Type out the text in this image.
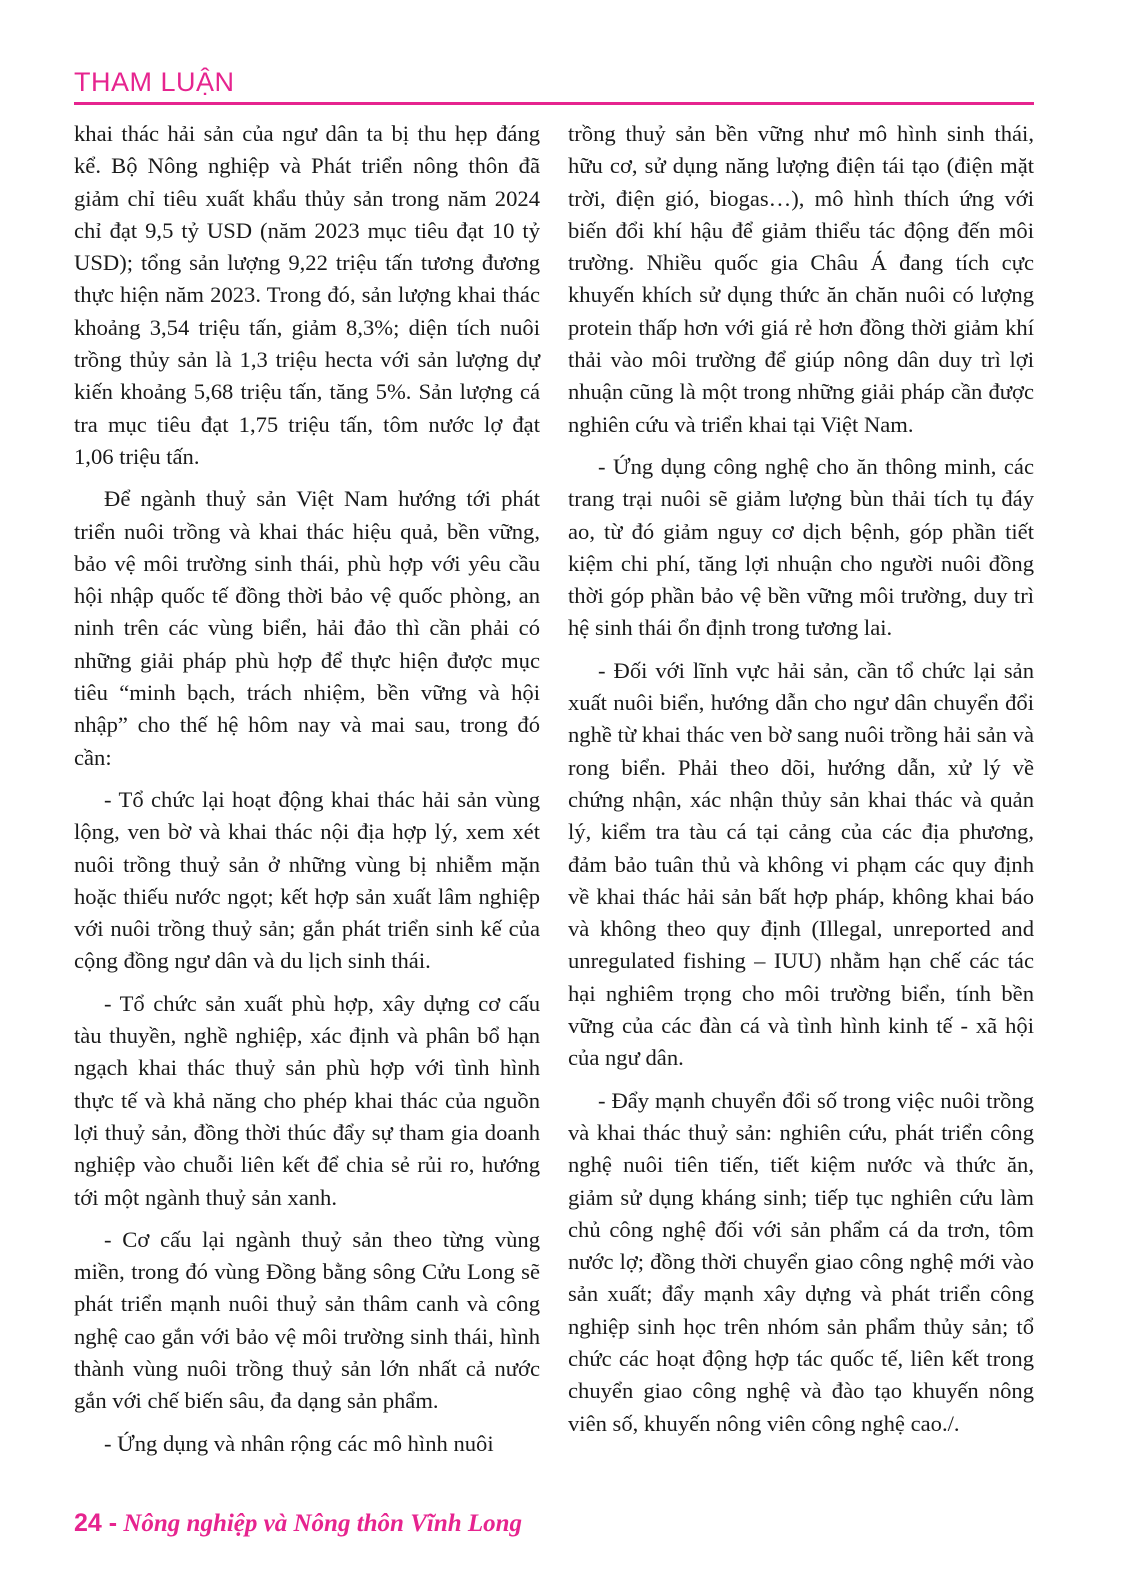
THAM LUẬN

khai thác hải sản của ngư dân ta bị thu hẹp đáng kể. Bộ Nông nghiệp và Phát triển nông thôn đã giảm chỉ tiêu xuất khẩu thủy sản trong năm 2024 chỉ đạt 9,5 tỷ USD (năm 2023 mục tiêu đạt 10 tỷ USD); tổng sản lượng 9,22 triệu tấn tương đương thực hiện năm 2023. Trong đó, sản lượng khai thác khoảng 3,54 triệu tấn, giảm 8,3%; diện tích nuôi trồng thủy sản là 1,3 triệu hecta với sản lượng dự kiến khoảng 5,68 triệu tấn, tăng 5%. Sản lượng cá tra mục tiêu đạt 1,75 triệu tấn, tôm nước lợ đạt 1,06 triệu tấn.

Để ngành thuỷ sản Việt Nam hướng tới phát triển nuôi trồng và khai thác hiệu quả, bền vững, bảo vệ môi trường sinh thái, phù hợp với yêu cầu hội nhập quốc tế đồng thời bảo vệ quốc phòng, an ninh trên các vùng biển, hải đảo thì cần phải có những giải pháp phù hợp để thực hiện được mục tiêu “minh bạch, trách nhiệm, bền vững và hội nhập” cho thế hệ hôm nay và mai sau, trong đó cần:

- Tổ chức lại hoạt động khai thác hải sản vùng lộng, ven bờ và khai thác nội địa hợp lý, xem xét nuôi trồng thuỷ sản ở những vùng bị nhiễm mặn hoặc thiếu nước ngọt; kết hợp sản xuất lâm nghiệp với nuôi trồng thuỷ sản; gắn phát triển sinh kế của cộng đồng ngư dân và du lịch sinh thái.

- Tổ chức sản xuất phù hợp, xây dựng cơ cấu tàu thuyền, nghề nghiệp, xác định và phân bổ hạn ngạch khai thác thuỷ sản phù hợp với tình hình thực tế và khả năng cho phép khai thác của nguồn lợi thuỷ sản, đồng thời thúc đẩy sự tham gia doanh nghiệp vào chuỗi liên kết để chia sẻ rủi ro, hướng tới một ngành thuỷ sản xanh.

- Cơ cấu lại ngành thuỷ sản theo từng vùng miền, trong đó vùng Đồng bằng sông Cửu Long sẽ phát triển mạnh nuôi thuỷ sản thâm canh và công nghệ cao gắn với bảo vệ môi trường sinh thái, hình thành vùng nuôi trồng thuỷ sản lớn nhất cả nước gắn với chế biến sâu, đa dạng sản phẩm.

- Ứng dụng và nhân rộng các mô hình nuôi

trồng thuỷ sản bền vững như mô hình sinh thái, hữu cơ, sử dụng năng lượng điện tái tạo (điện mặt trời, điện gió, biogas…), mô hình thích ứng với biến đổi khí hậu để giảm thiểu tác động đến môi trường. Nhiều quốc gia Châu Á đang tích cực khuyến khích sử dụng thức ăn chăn nuôi có lượng protein thấp hơn với giá rẻ hơn đồng thời giảm khí thải vào môi trường để giúp nông dân duy trì lợi nhuận cũng là một trong những giải pháp cần được nghiên cứu và triển khai tại Việt Nam.

- Ứng dụng công nghệ cho ăn thông minh, các trang trại nuôi sẽ giảm lượng bùn thải tích tụ đáy ao, từ đó giảm nguy cơ dịch bệnh, góp phần tiết kiệm chi phí, tăng lợi nhuận cho người nuôi đồng thời góp phần bảo vệ bền vững môi trường, duy trì hệ sinh thái ổn định trong tương lai.

- Đối với lĩnh vực hải sản, cần tổ chức lại sản xuất nuôi biển, hướng dẫn cho ngư dân chuyển đổi nghề từ khai thác ven bờ sang nuôi trồng hải sản và rong biển. Phải theo dõi, hướng dẫn, xử lý về chứng nhận, xác nhận thủy sản khai thác và quản lý, kiểm tra tàu cá tại cảng của các địa phương, đảm bảo tuân thủ và không vi phạm các quy định về khai thác hải sản bất hợp pháp, không khai báo và không theo quy định (Illegal, unreported and unregulated fishing – IUU) nhằm hạn chế các tác hại nghiêm trọng cho môi trường biển, tính bền vững của các đàn cá và tình hình kinh tế - xã hội của ngư dân.

- Đẩy mạnh chuyển đổi số trong việc nuôi trồng và khai thác thuỷ sản: nghiên cứu, phát triển công nghệ nuôi tiên tiến, tiết kiệm nước và thức ăn, giảm sử dụng kháng sinh; tiếp tục nghiên cứu làm chủ công nghệ đối với sản phẩm cá da trơn, tôm nước lợ; đồng thời chuyển giao công nghệ mới vào sản xuất; đẩy mạnh xây dựng và phát triển công nghiệp sinh học trên nhóm sản phẩm thủy sản; tổ chức các hoạt động hợp tác quốc tế, liên kết trong chuyển giao công nghệ và đào tạo khuyến nông viên số, khuyến nông viên công nghệ cao./.

24 - Nông nghiệp và Nông thôn Vĩnh Long
